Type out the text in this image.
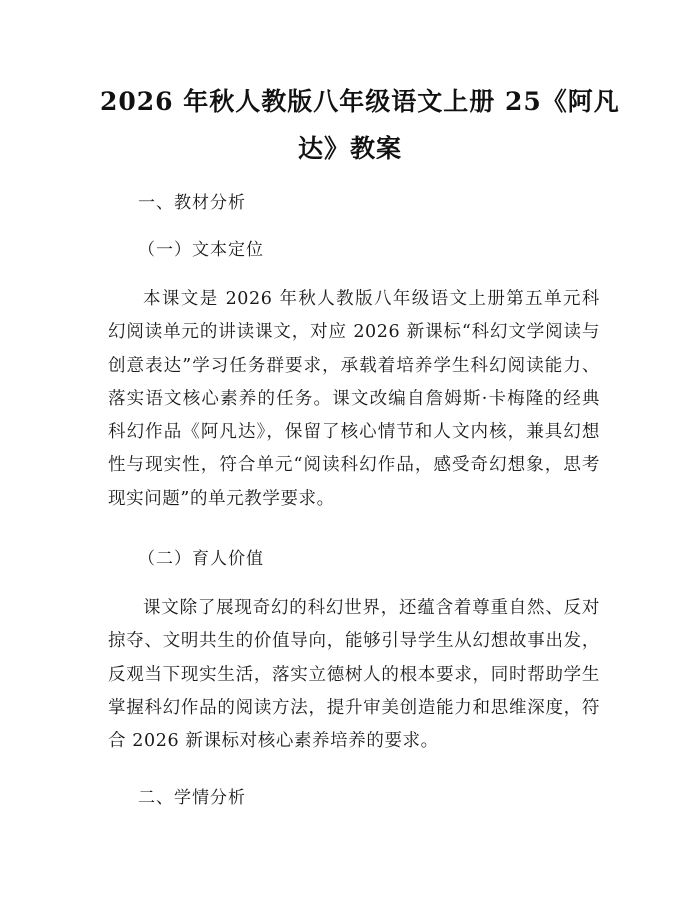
2026 年秋人教版八年级语文上册 25《阿凡
达》教案
一、教材分析
（一）文本定位

本课文是 2026 年秋人教版八年级语文上册第五单元科幻阅读单元的讲读课文，对应 2026 新课标“科幻文学阅读与创意表达”学习任务群要求，承载着培养学生科幻阅读能力、落实语文核心素养的任务。课文改编自詹姆斯·卡梅隆的经典科幻作品《阿凡达》，保留了核心情节和人文内核，兼具幻想性与现实性，符合单元“阅读科幻作品，感受奇幻想象，思考现实问题”的单元教学要求。

（二）育人价值

课文除了展现奇幻的科幻世界，还蕴含着尊重自然、反对掠夺、文明共生的价值导向，能够引导学生从幻想故事出发，反观当下现实生活，落实立德树人的根本要求，同时帮助学生掌握科幻作品的阅读方法，提升审美创造能力和思维深度，符合 2026 新课标对核心素养培养的要求。

二、学情分析
